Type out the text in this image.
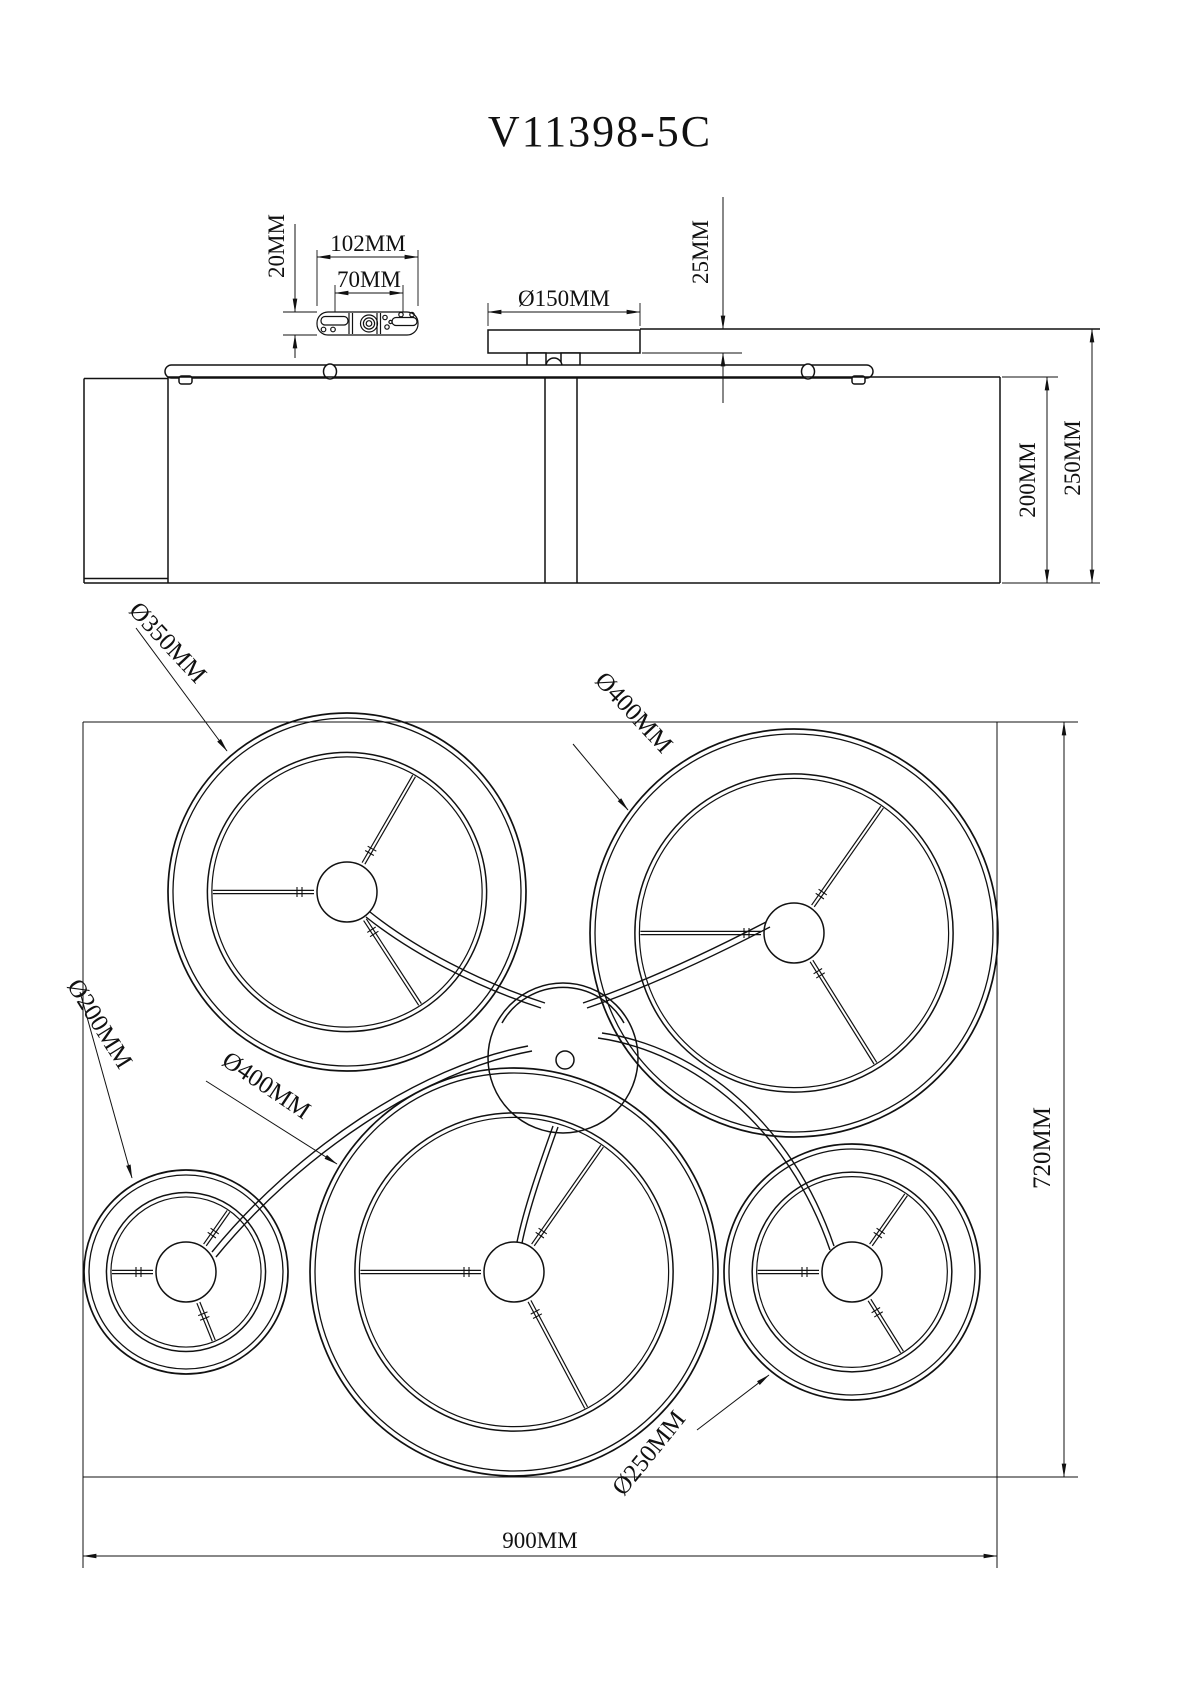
V11398-5C
20MM 102MM
70MM
Ø150MM
25MM
200MM 250MM
Ø350MM
Ø400MM
Ø200MM
Ø400MM
Ø250MM
720MM
900MM
